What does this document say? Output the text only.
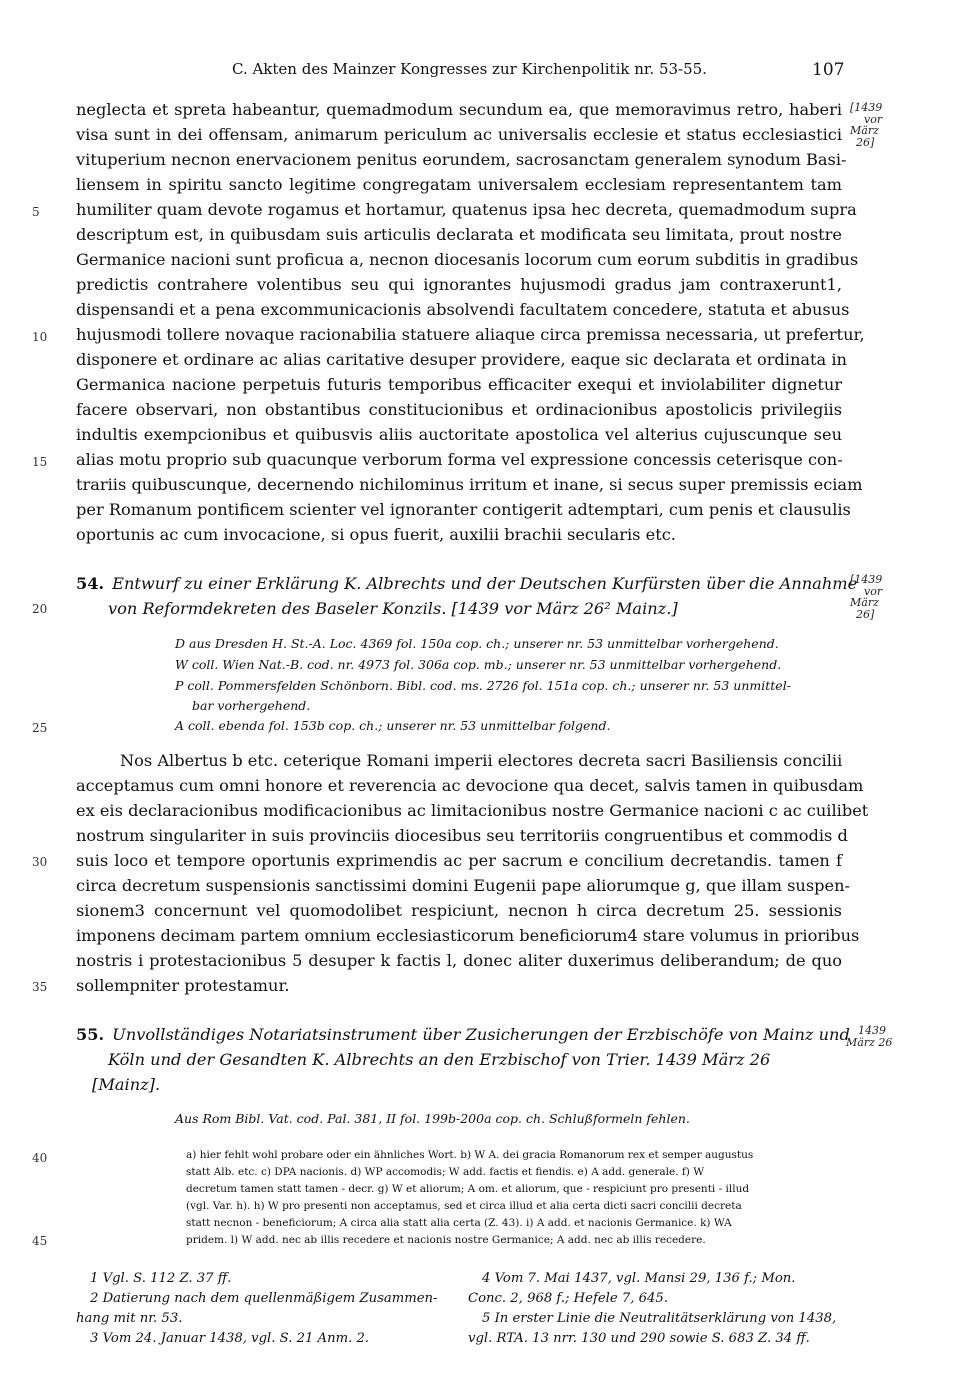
C. Akten des Mainzer Kongresses zur Kirchenpolitik nr. 53-55.	107
neglecta et spreta habeantur, quemadmodum secundum ea, que memoravimus retro, haberi
visa sunt in dei offensam, animarum periculum ac universalis ecclesie et status ecclesiastici
vituperium necnon enervacionem penitus eorundem, sacrosanctam generalem synodum Basi-
liensem in spiritu sancto legitime congregatam universalem ecclesiam representantem tam
humiliter quam devote rogamus et hortamur, quatenus ipsa hec decreta, quemadmodum supra
descriptum est, in quibusdam suis articulis declarata et modificata seu limitata, prout nostre
Germanice nacioni sunt proficua a, necnon diocesanis locorum cum eorum subditis in gradibus
predictis contrahere volentibus seu qui ignorantes hujusmodi gradus jam contraxerunt1,
dispensandi et a pena excommunicacionis absolvendi facultatem concedere, statuta et abusus
hujusmodi tollere novaque racionabilia statuere aliaque circa premissa necessaria, ut prefertur,
disponere et ordinare ac alias caritative desuper providere, eaque sic declarata et ordinata in
Germanica nacione perpetuis futuris temporibus efficaciter exequi et inviolabiliter dignetur
facere observari, non obstantibus constitucionibus et ordinacionibus apostolicis privilegiis
indultis exempcionibus et quibusvis aliis auctoritate apostolica vel alterius cujuscunque seu
alias motu proprio sub quacunque verborum forma vel expressione concessis ceterisque con-
trariis quibuscunque, decernendo nichilominus irritum et inane, si secus super premissis eciam
per Romanum pontificem scienter vel ignoranter contigerit adtemptari, cum penis et clausulis
oportunis ac cum invocacione, si opus fuerit, auxilii brachii secularis etc.
[1439
vor
März
26]
5
10
15
20
25
30
35
40
45
54. Entwurf zu einer Erklärung K. Albrechts und der Deutschen Kurfürsten über die Annahme
von Reformdekreten des Baseler Konzils. [1439 vor März 26² Mainz.]
[1439
vor
März
26]
D aus Dresden H. St.-A. Loc. 4369 fol. 150a cop. ch.; unserer nr. 53 unmittelbar vorhergehend.
W coll. Wien Nat.-B. cod. nr. 4973 fol. 306a cop. mb.; unserer nr. 53 unmittelbar vorhergehend.
P coll. Pommersfelden Schönborn. Bibl. cod. ms. 2726 fol. 151a cop. ch.; unserer nr. 53 unmittel-
bar vorhergehend.
A coll. ebenda fol. 153b cop. ch.; unserer nr. 53 unmittelbar folgend.
Nos Albertus b etc. ceterique Romani imperii electores decreta sacri Basiliensis concilii
acceptamus cum omni honore et reverencia ac devocione qua decet, salvis tamen in quibusdam
ex eis declaracionibus modificacionibus ac limitacionibus nostre Germanice nacioni c ac cuilibet
nostrum singulariter in suis provinciis diocesibus seu territoriis congruentibus et commodis d
suis loco et tempore oportunis exprimendis ac per sacrum e concilium decretandis. tamen f
circa decretum suspensionis sanctissimi domini Eugenii pape aliorumque g, que illam suspen-
sionem3 concernunt vel quomodolibet respiciunt, necnon h circa decretum 25. sessionis
imponens decimam partem omnium ecclesiasticorum beneficiorum4 stare volumus in prioribus
nostris i protestacionibus 5 desuper k factis l, donec aliter duxerimus deliberandum; de quo
sollempniter protestamur.
55. Unvollständiges Notariatsinstrument über Zusicherungen der Erzbischöfe von Mainz und
Köln und der Gesandten K. Albrechts an den Erzbischof von Trier. 1439 März 26
[Mainz].
1439
März 26
Aus Rom Bibl. Vat. cod. Pal. 381, II fol. 199b-200a cop. ch. Schlußformeln fehlen.
a) hier fehlt wohl probare oder ein ähnliches Wort. b) W A. dei gracia Romanorum rex et semper augustus
statt Alb. etc. c) DPA nacionis. d) WP accomodis; W add. factis et fiendis. e) A add. generale. f) W
decretum tamen statt tamen - decr. g) W et aliorum; A om. et aliorum, que - respiciunt pro presenti - illud
(vgl. Var. h). h) W pro presenti non acceptamus, sed et circa illud et alia certa dicti sacri concilii decreta
statt necnon - beneficiorum; A circa alia statt alia certa (Z. 43). i) A add. et nacionis Germanice. k) WA
pridem. l) W add. nec ab illis recedere et nacionis nostre Germanice; A add. nec ab illis recedere.
1 Vgl. S. 112 Z. 37 ff.
2 Datierung nach dem quellenmäßigem Zusammen-
hang mit nr. 53.
3 Vom 24. Januar 1438, vgl. S. 21 Anm. 2.
4 Vom 7. Mai 1437, vgl. Mansi 29, 136 f.; Mon.
Conc. 2, 968 f.; Hefele 7, 645.
5 In erster Linie die Neutralitätserklärung von 1438,
vgl. RTA. 13 nrr. 130 und 290 sowie S. 683 Z. 34 ff.
